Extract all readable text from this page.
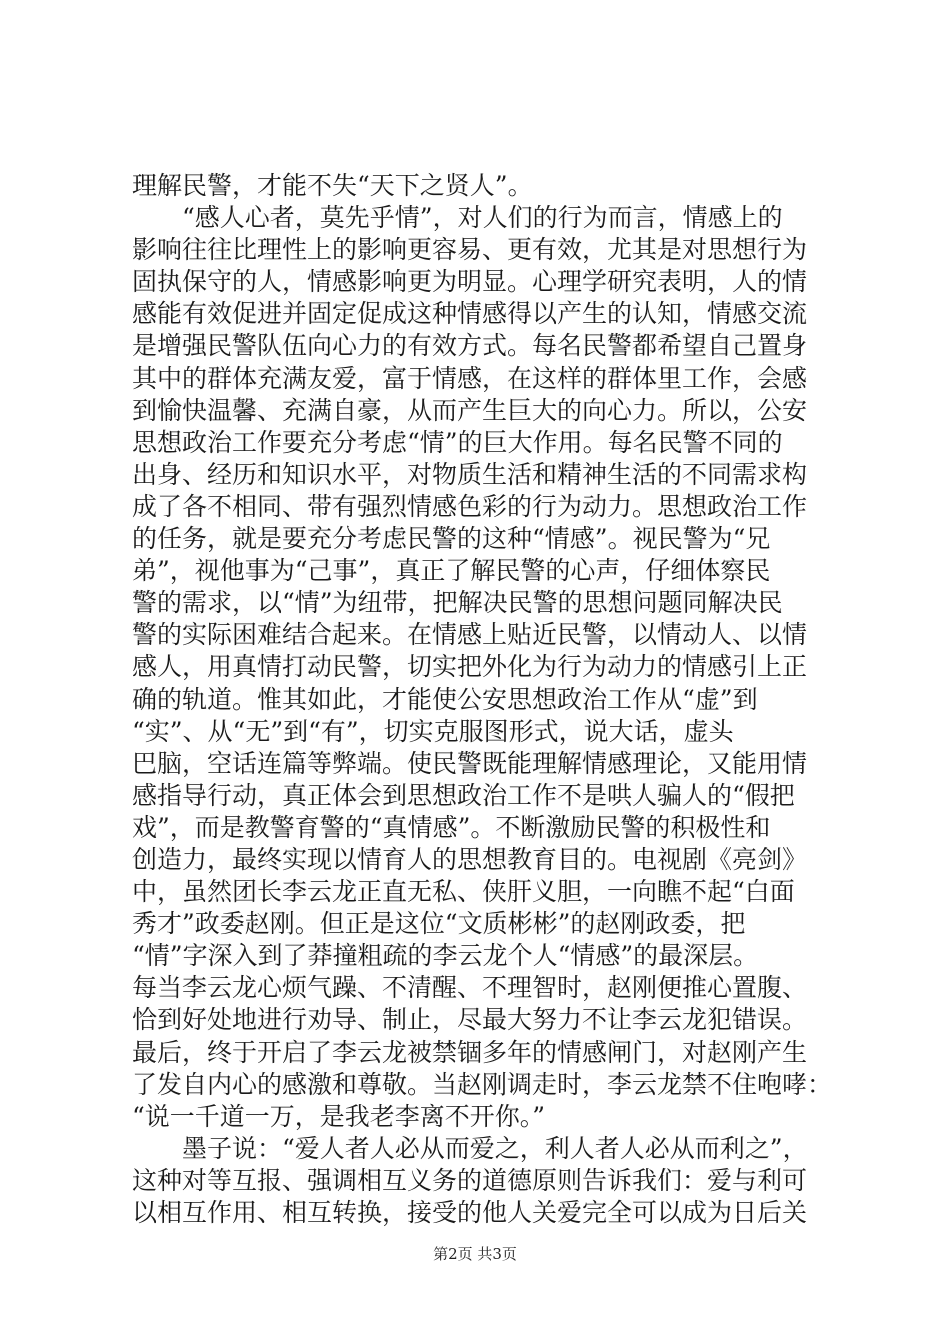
理解民警，才能不失“天下之贤人”。
　　“感人心者，莫先乎情”，对人们的行为而言，情感上的
影响往往比理性上的影响更容易、更有效，尤其是对思想行为
固执保守的人，情感影响更为明显。心理学研究表明，人的情
感能有效促进并固定促成这种情感得以产生的认知，情感交流
是增强民警队伍向心力的有效方式。每名民警都希望自己置身
其中的群体充满友爱，富于情感，在这样的群体里工作，会感
到愉快温馨、充满自豪，从而产生巨大的向心力。所以，公安
思想政治工作要充分考虑“情”的巨大作用。每名民警不同的
出身、经历和知识水平，对物质生活和精神生活的不同需求构
成了各不相同、带有强烈情感色彩的行为动力。思想政治工作
的任务，就是要充分考虑民警的这种“情感”。视民警为“兄
弟”，视他事为“己事”，真正了解民警的心声，仔细体察民
警的需求，以“情”为纽带，把解决民警的思想问题同解决民
警的实际困难结合起来。在情感上贴近民警，以情动人、以情
感人，用真情打动民警，切实把外化为行为动力的情感引上正
确的轨道。惟其如此，才能使公安思想政治工作从“虚”到
“实”、从“无”到“有”，切实克服图形式，说大话，虚头
巴脑，空话连篇等弊端。使民警既能理解情感理论，又能用情
感指导行动，真正体会到思想政治工作不是哄人骗人的“假把
戏”，而是教警育警的“真情感”。不断激励民警的积极性和
创造力，最终实现以情育人的思想教育目的。电视剧《亮剑》
中，虽然团长李云龙正直无私、侠肝义胆，一向瞧不起“白面
秀才”政委赵刚。但正是这位“文质彬彬”的赵刚政委，把
“情”字深入到了莽撞粗疏的李云龙个人“情感”的最深层。
每当李云龙心烦气躁、不清醒、不理智时，赵刚便推心置腹、
恰到好处地进行劝导、制止，尽最大努力不让李云龙犯错误。
最后，终于开启了李云龙被禁锢多年的情感闸门，对赵刚产生
了发自内心的感激和尊敬。当赵刚调走时，李云龙禁不住咆哮：
“说一千道一万，是我老李离不开你。”
　　墨子说：“爱人者人必从而爱之，利人者人必从而利之”，
这种对等互报、强调相互义务的道德原则告诉我们：爱与利可
以相互作用、相互转换，接受的他人关爱完全可以成为日后关
第2页 共3页
